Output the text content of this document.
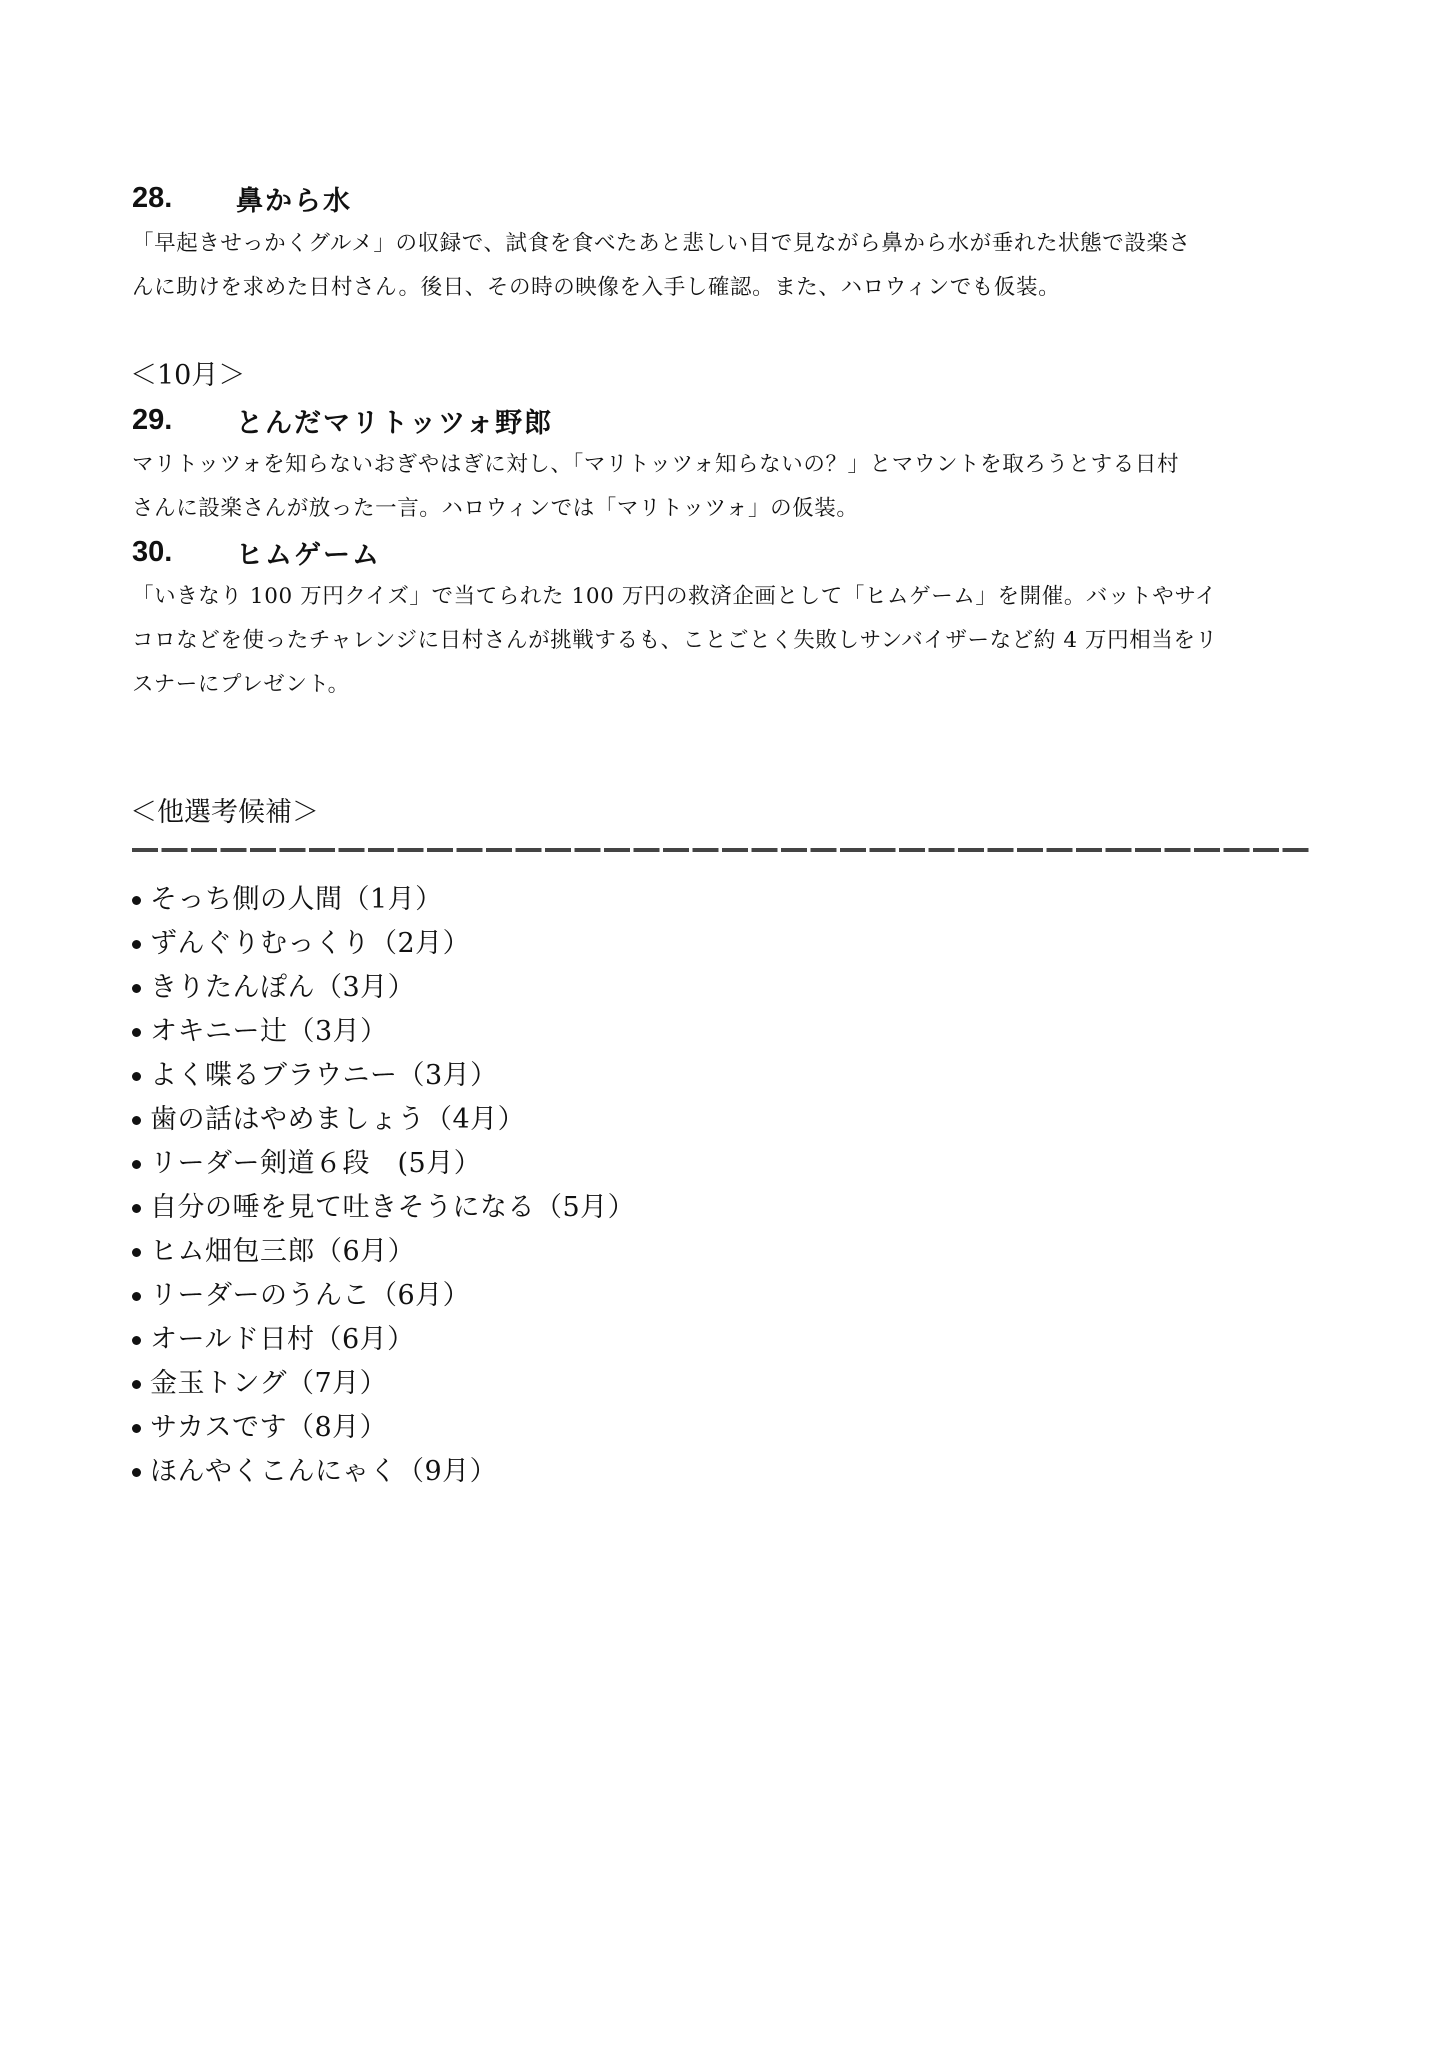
28.	鼻から水

「早起きせっかくグルメ」の収録で、試食を食べたあと悲しい目で見ながら鼻から水が垂れた状態で設楽さ

んに助けを求めた日村さん。後日、その時の映像を入手し確認。また、ハロウィンでも仮装。

＜10月＞
29.	とんだマリトッツォ野郎

マリトッツォを知らないおぎやはぎに対し、「マリトッツォ知らないの？」とマウントを取ろうとする日村

さんに設楽さんが放った一言。ハロウィンでは「マリトッツォ」の仮装。

30.	ヒムゲーム

「いきなり 100 万円クイズ」で当てられた 100 万円の救済企画として「ヒムゲーム」を開催。バットやサイ

コロなどを使ったチャレンジに日村さんが挑戦するも、ことごとく失敗しサンバイザーなど約 4 万円相当をリ

スナーにプレゼント。

＜他選考候補＞
そっち側の人間（1月）
ずんぐりむっくり（2月）
きりたんぽん（3月）
オキニー辻（3月）
よく喋るブラウニー（3月）
歯の話はやめましょう（4月）
リーダー剣道６段　(5月）
自分の唾を見て吐きそうになる（5月）
ヒム畑包三郎（6月）
リーダーのうんこ（6月）
オールド日村（6月）
金玉トング（7月）
サカスです（8月）
ほんやくこんにゃく（9月）
